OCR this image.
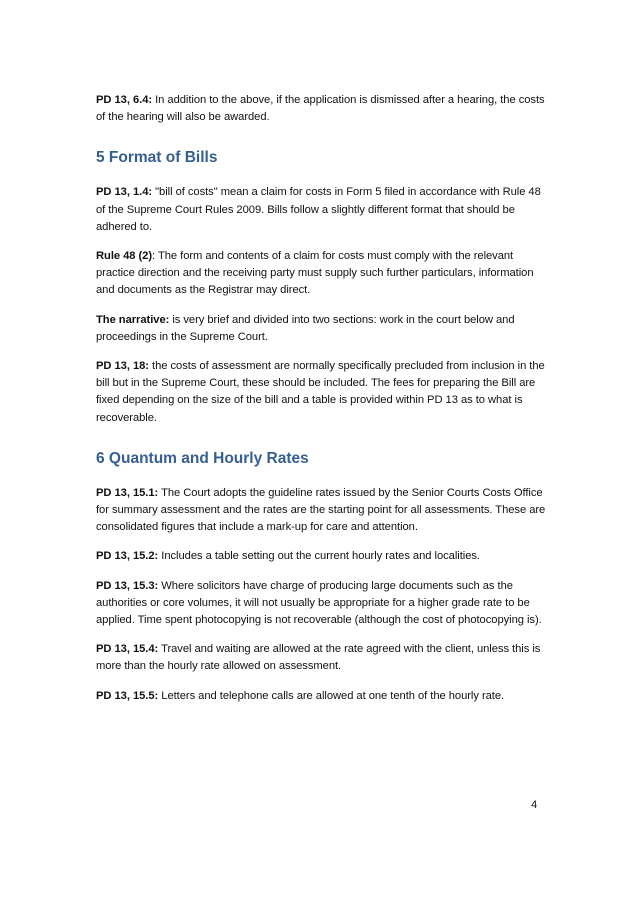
PD 13, 6.4: In addition to the above, if the application is dismissed after a hearing, the costs of the hearing will also be awarded.

5 Format of Bills

PD 13, 1.4: "bill of costs" mean a claim for costs in Form 5 filed in accordance with Rule 48 of the Supreme Court Rules 2009. Bills follow a slightly different format that should be adhered to.

Rule 48 (2): The form and contents of a claim for costs must comply with the relevant practice direction and the receiving party must supply such further particulars, information and documents as the Registrar may direct.

The narrative: is very brief and divided into two sections: work in the court below and proceedings in the Supreme Court.

PD 13, 18: the costs of assessment are normally specifically precluded from inclusion in the bill but in the Supreme Court, these should be included. The fees for preparing the Bill are fixed depending on the size of the bill and a table is provided within PD 13 as to what is recoverable.

6 Quantum and Hourly Rates

PD 13, 15.1: The Court adopts the guideline rates issued by the Senior Courts Costs Office for summary assessment and the rates are the starting point for all assessments. These are consolidated figures that include a mark-up for care and attention.

PD 13, 15.2: Includes a table setting out the current hourly rates and localities.

PD 13, 15.3: Where solicitors have charge of producing large documents such as the authorities or core volumes, it will not usually be appropriate for a higher grade rate to be applied. Time spent photocopying is not recoverable (although the cost of photocopying is).

PD 13, 15.4: Travel and waiting are allowed at the rate agreed with the client, unless this is more than the hourly rate allowed on assessment.

PD 13, 15.5: Letters and telephone calls are allowed at one tenth of the hourly rate.

4
